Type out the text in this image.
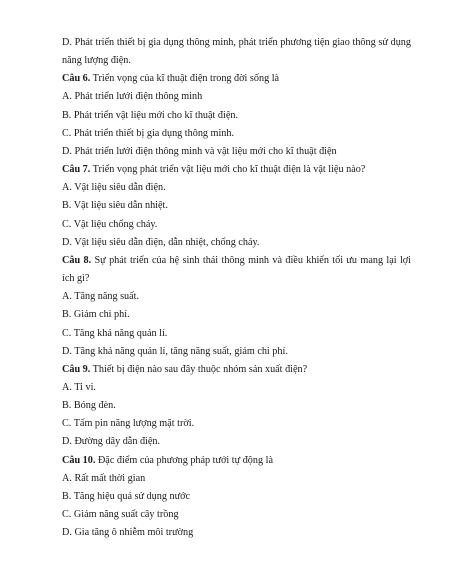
D. Phát triển thiết bị gia dụng thông minh, phát triển phương tiện giao thông sử dụng năng lượng điện.
Câu 6. Triển vọng của kĩ thuật điện trong đời sống là
A. Phát triển lưới điện thông minh
B. Phát triển vật liệu mới cho kĩ thuật điện.
C. Phát triển thiết bị gia dụng thông minh.
D. Phát triển lưới điện thông minh và vật liệu mới cho kĩ thuật điện
Câu 7. Triển vọng phát triển vật liệu mới cho kĩ thuật điện là vật liệu nào?
A. Vật liệu siêu dẫn điện.
B. Vật liệu siêu dẫn nhiệt.
C. Vật liệu chống cháy.
D. Vật liệu siêu dẫn điện, dẫn nhiệt, chống cháy.
Câu 8. Sự phát triển của hệ sinh thái thông minh và điều khiển tối ưu mang lại lợi ích gì?
A. Tăng năng suất.
B. Giảm chi phí.
C. Tăng khả năng quản lí.
D. Tăng khả năng quản lí, tăng năng suất, giảm chi phí.
Câu 9. Thiết bị điện nào sau đây thuộc nhóm sản xuất điện?
A. Ti vi.
B. Bóng đèn.
C. Tấm pin năng lượng mặt trời.
D. Đường dây dẫn điện.
Câu 10. Đặc điểm của phương pháp tưới tự động là
A. Rất mất thời gian
B. Tăng hiệu quả sử dụng nước
C. Giảm năng suất cây trồng
D. Gia tăng ô nhiễm môi trường
